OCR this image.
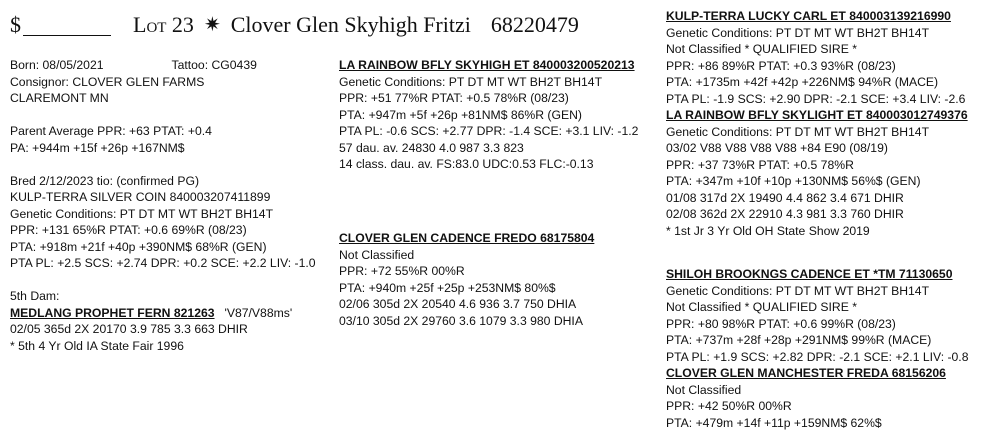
$	Lot 23 ✷ Clover Glen Skyhigh Fritzi 68220479
Born: 08/05/2021	Tattoo: CG0439
Consignor: CLOVER GLEN FARMS
CLAREMONT MN
Parent Average PPR: +63 PTAT: +0.4
PA: +944m +15f +26p +167NM$
Bred 2/12/2023 tio: (confirmed PG)
KULP-TERRA SILVER COIN 840003207411899
Genetic Conditions: PT DT MT WT BH2T BH14T
PPR: +131 65%R PTAT: +0.6 69%R (08/23)
PTA: +918m +21f +40p +390NM$ 68%R (GEN)
PTA PL: +2.5 SCS: +2.74 DPR: +0.2 SCE: +2.2 LIV: -1.0
5th Dam:
MEDLANG PROPHET FERN 821263 'V87/V88ms'
02/05 365d 2X 20170 3.9 785 3.3 663 DHIR
* 5th 4 Yr Old IA State Fair 1996
LA RAINBOW BFLY SKYHIGH ET 840003200520213
Genetic Conditions: PT DT MT WT BH2T BH14T
PPR: +51 77%R PTAT: +0.5 78%R (08/23)
PTA: +947m +5f +26p +81NM$ 86%R (GEN)
PTA PL: -0.6 SCS: +2.77 DPR: -1.4 SCE: +3.1 LIV: -1.2
57 dau. av. 24830 4.0 987 3.3 823
14 class. dau. av. FS:83.0 UDC:0.53 FLC:-0.13
CLOVER GLEN CADENCE FREDO 68175804
Not Classified
PPR: +72 55%R 00%R
PTA: +940m +25f +25p +253NM$ 80%$
02/06 305d 2X 20540 4.6 936 3.7 750 DHIA
03/10 305d 2X 29760 3.6 1079 3.3 980 DHIA
KULP-TERRA LUCKY CARL ET 840003139216990
Genetic Conditions: PT DT MT WT BH2T BH14T
Not Classified * QUALIFIED SIRE *
PPR: +86 89%R PTAT: +0.3 93%R (08/23)
PTA: +1735m +42f +42p +226NM$ 94%R (MACE)
PTA PL: -1.9 SCS: +2.90 DPR: -2.1 SCE: +3.4 LIV: -2.6
LA RAINBOW BFLY SKYLIGHT ET 840003012749376
Genetic Conditions: PT DT MT WT BH2T BH14T
03/02 V88 V88 V88 V88 +84 E90 (08/19)
PPR: +37 73%R PTAT: +0.5 78%R
PTA: +347m +10f +10p +130NM$ 56%$ (GEN)
01/08 317d 2X 19490 4.4 862 3.4 671 DHIR
02/08 362d 2X 22910 4.3 981 3.3 760 DHIR
* 1st Jr 3 Yr Old OH State Show 2019
SHILOH BROOKNGS CADENCE ET *TM 71130650
Genetic Conditions: PT DT MT WT BH2T BH14T
Not Classified * QUALIFIED SIRE *
PPR: +80 98%R PTAT: +0.6 99%R (08/23)
PTA: +737m +28f +28p +291NM$ 99%R (MACE)
PTA PL: +1.9 SCS: +2.82 DPR: -2.1 SCE: +2.1 LIV: -0.8
CLOVER GLEN MANCHESTER FREDA 68156206
Not Classified
PPR: +42 50%R 00%R
PTA: +479m +14f +11p +159NM$ 62%$
